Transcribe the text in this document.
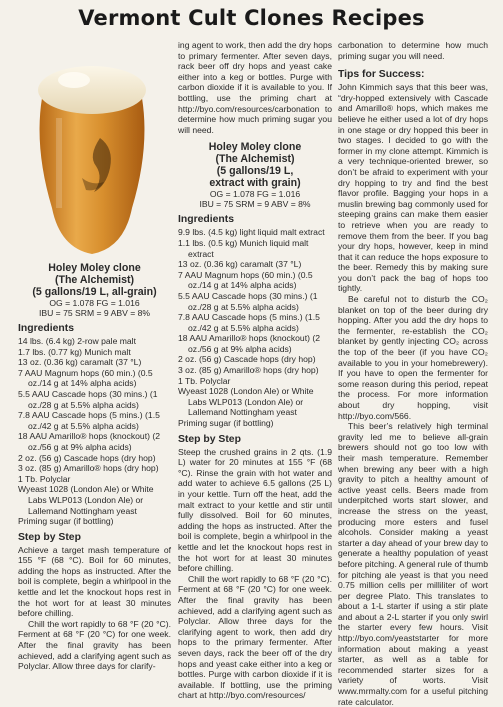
Vermont Cult Clones Recipes

Holey Moley clone

(The Alchemist)

(5 gallons/19 L, all-grain)

OG = 1.078 FG = 1.016

IBU = 75 SRM = 9 ABV = 8%

Ingredients

14 lbs. (6.4 kg) 2-row pale malt

1.7 lbs. (0.77 kg) Munich malt

13 oz. (0.36 kg) caramalt (37 °L)

7 AAU Magnum hops (60 min.) (0.5 oz./14 g at 14% alpha acids)

5.5 AAU Cascade hops (30 mins.) (1 oz./28 g at 5.5% alpha acids)

7.8 AAU Cascade hops (5 mins.) (1.5 oz./42 g at 5.5% alpha acids)

18 AAU Amarillo® hops (knockout) (2 oz./56 g at 9% alpha acids)

2 oz. (56 g) Cascade hops (dry hop)

3 oz. (85 g) Amarillo® hops (dry hop)

1 Tb. Polyclar

Wyeast 1028 (London Ale) or White Labs WLP013 (London Ale) or Lallemand Nottingham yeast

Priming sugar (if bottling)

Step by Step

Achieve a target mash temperature of 155 °F (68 °C). Boil for 60 minutes, adding the hops as instructed. After the boil is complete, begin a whirlpool in the kettle and let the knockout hops rest in the hot wort for at least 30 minutes before chilling.

Chill the wort rapidly to 68 °F (20 °C). Ferment at 68 °F (20 °C) for one week. After the final gravity has been achieved, add a clarifying agent such as Polyclar. Allow three days for clarify-

ing agent to work, then add the dry hops to primary fermenter. After seven days, rack beer off dry hops and yeast cake either into a keg or bottles. Purge with carbon dioxide if it is available to you. If bottling, use the priming chart at http://byo.com/resources/carbonation to determine how much priming sugar you will need.

Holey Moley clone

(The Alchemist)

(5 gallons/19 L,

extract with grain)

OG = 1.078 FG = 1.016

IBU = 75 SRM = 9 ABV = 8%

Ingredients

9.9 lbs. (4.5 kg) light liquid malt extract

1.1 lbs. (0.5 kg) Munich liquid malt extract

13 oz. (0.36 kg) caramalt (37 °L)

7 AAU Magnum hops (60 min.) (0.5 oz./14 g at 14% alpha acids)

5.5 AAU Cascade hops (30 mins.) (1 oz./28 g at 5.5% alpha acids)

7.8 AAU Cascade hops (5 mins.) (1.5 oz./42 g at 5.5% alpha acids)

18 AAU Amarillo® hops (knockout) (2 oz./56 g at 9% alpha acids)

2 oz. (56 g) Cascade hops (dry hop)

3 oz. (85 g) Amarillo® hops (dry hop)

1 Tb. Polyclar

Wyeast 1028 (London Ale) or White Labs WLP013 (London Ale) or Lallemand Nottingham yeast

Priming sugar (if bottling)

Step by Step

Steep the crushed grains in 2 qts. (1.9 L) water for 20 minutes at 155 °F (68 °C). Rinse the grain with hot water and add water to achieve 6.5 gallons (25 L) in your kettle. Turn off the heat, add the malt extract to your kettle and stir until fully dissolved. Boil for 60 minutes, adding the hops as instructed. After the boil is complete, begin a whirlpool in the kettle and let the knockout hops rest in the hot wort for at least 30 minutes before chilling.

Chill the wort rapidly to 68 °F (20 °C). Ferment at 68 °F (20 °C) for one week. After the final gravity has been achieved, add a clarifying agent such as Polyclar. Allow three days for the clarifying agent to work, then add dry hops to the primary fermenter. After seven days, rack the beer off of the dry hops and yeast cake either into a keg or bottles. Purge with carbon dioxide if it is available. If bottling, use the priming chart at http://byo.com/resources/

carbonation to determine how much priming sugar you will need.

Tips for Success:

John Kimmich says that this beer was, “dry-hopped extensively with Cascade and Amarillo® hops, which makes me believe he either used a lot of dry hops in one stage or dry hopped this beer in two stages. I decided to go with the former in my clone attempt. Kimmich is a very technique-oriented brewer, so don’t be afraid to experiment with your dry hopping to try and find the best flavor profile. Bagging your hops in a muslin brewing bag commonly used for steeping grains can make them easier to retrieve when you are ready to remove them from the beer. If you bag your dry hops, however, keep in mind that it can reduce the hops exposure to the beer. Remedy this by making sure you don’t pack the bag of hops too tightly.

Be careful not to disturb the CO₂ blanket on top of the beer during dry hopping. After you add the dry hops to the fermenter, re-establish the CO₂ blanket by gently injecting CO₂ across the top of the beer (if you have CO₂ available to you in your homebrewery). If you have to open the fermenter for some reason during this period, repeat the process. For more information about dry hopping, visit http://byo.com/566.

This beer’s relatively high terminal gravity led me to believe all-grain brewers should not go too low with their mash temperature. Remember when brewing any beer with a high gravity to pitch a healthy amount of active yeast cells. Beers made from underpitched worts start slower, and increase the stress on the yeast, producing more esters and fusel alcohols. Consider making a yeast starter a day ahead of your brew day to generate a healthy population of yeast before pitching. A general rule of thumb for pitching ale yeast is that you need 0.75 million cells per milliliter of wort per degree Plato. This translates to about a 1-L starter if using a stir plate and about a 2-L starter if you only swirl the starter every few hours. Visit http://byo.com/yeaststarter for more information about making a yeast starter, as well as a table for recommended starter sizes for a variety of worts. Visit www.mrmalty.com for a useful pitching rate calculator.
